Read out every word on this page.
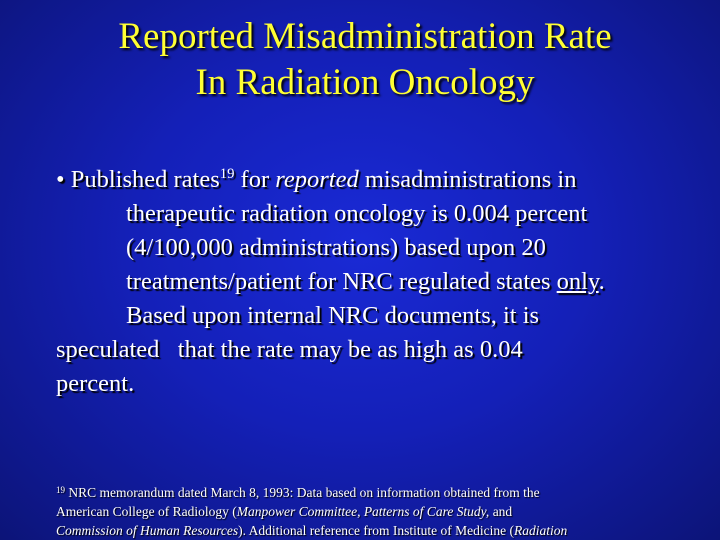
Reported Misadministration Rate
In Radiation Oncology
• Published rates$^{19}$ for reported misadministrations in
therapeutic radiation oncology is 0.004 percent
(4/100,000 administrations) based upon 20
treatments/patient for NRC regulated states only.
Based upon internal NRC documents, it is
speculated   that the rate may be as high as 0.04
percent.
$^{19}$ NRC memorandum dated March 8, 1993: Data based on information obtained from the
American College of Radiology (Manpower Committee, Patterns of Care Study, and
Commission of Human Resources). Additional reference from Institute of Medicine (Radiation
